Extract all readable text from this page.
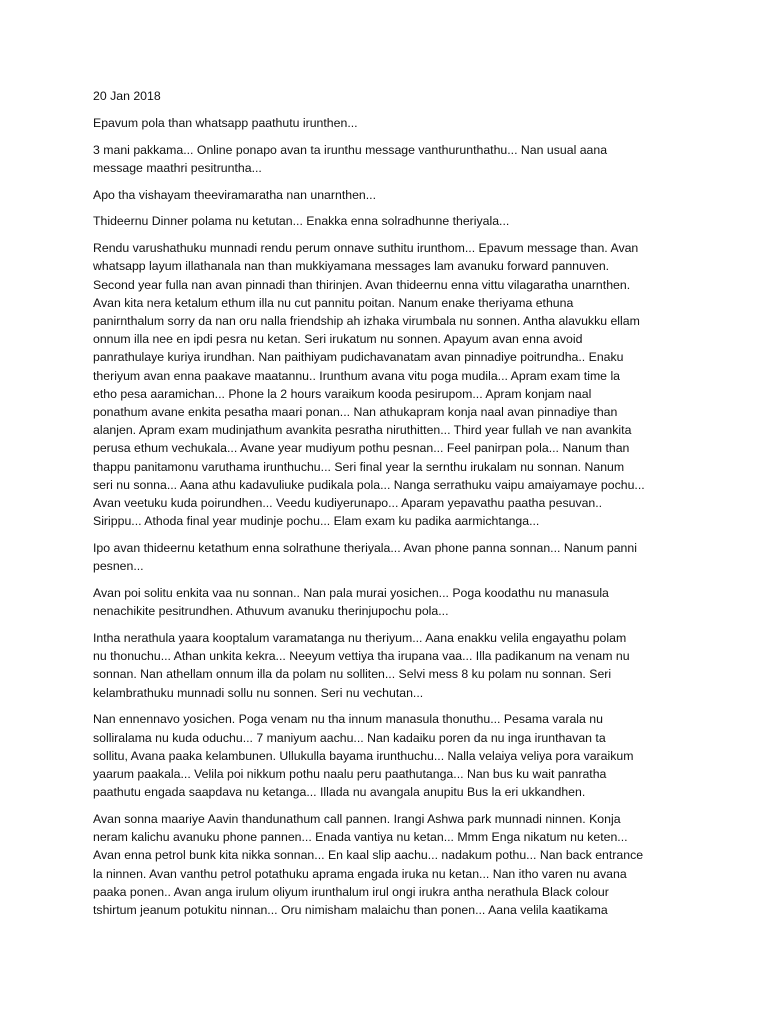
20 Jan 2018

Epavum pola than whatsapp paathutu irunthen...

3 mani pakkama... Online ponapo avan ta irunthu message vanthurunthathu... Nan usual aana
message maathri pesitruntha...

Apo tha vishayam theeviramaratha nan unarnthen...

Thideernu Dinner polama nu ketutan... Enakka enna solradhunne theriyala...

Rendu varushathuku munnadi rendu perum onnave suthitu irunthom... Epavum message than. Avan
whatsapp layum illathanala nan than mukkiyamana messages lam avanuku forward pannuven.
Second year fulla nan avan pinnadi than thirinjen. Avan thideernu enna vittu vilagaratha unarnthen.
Avan kita nera ketalum ethum illa nu cut pannitu poitan. Nanum enake theriyama ethuna
panirnthalum sorry da nan oru nalla friendship ah izhaka virumbala nu sonnen. Antha alavukku ellam
onnum illa nee en ipdi pesra nu ketan. Seri irukatum nu sonnen. Apayum avan enna avoid
panrathulaye kuriya irundhan. Nan paithiyam pudichavanatam avan pinnadiye poitrundha.. Enaku
theriyum avan enna paakave maatannu.. Irunthum avana vitu poga mudila... Apram exam time la
etho pesa aaramichan... Phone la 2 hours varaikum kooda pesirupom... Apram konjam naal
ponathum avane enkita pesatha maari ponan... Nan athukapram konja naal avan pinnadiye than
alanjen. Apram exam mudinjathum avankita pesratha niruthitten... Third year fullah ve nan avankita
perusa ethum vechukala... Avane year mudiyum pothu pesnan... Feel panirpan pola... Nanum than
thappu panitamonu varuthama irunthuchu... Seri final year la sernthu irukalam nu sonnan. Nanum
seri nu sonna... Aana athu kadavuliuke pudikala pola... Nanga serrathuku vaipu amaiyamaye pochu...
Avan veetuku kuda poirundhen... Veedu kudiyerunapo... Aparam yepavathu paatha pesuvan..
Sirippu... Athoda final year mudinje pochu... Elam exam ku padika aarmichtanga...

Ipo avan thideernu ketathum enna solrathune theriyala... Avan phone panna sonnan... Nanum panni
pesnen...

Avan poi solitu enkita vaa nu sonnan.. Nan pala murai yosichen... Poga koodathu nu manasula
nenachikite pesitrundhen. Athuvum avanuku therinjupochu pola...

Intha nerathula yaara kooptalum varamatanga nu theriyum... Aana enakku velila engayathu polam
nu thonuchu... Athan unkita kekra... Neeyum vettiya tha irupana vaa... Illa padikanum na venam nu
sonnan. Nan athellam onnum illa da polam nu solliten... Selvi mess 8 ku polam nu sonnan. Seri
kelambrathuku munnadi sollu nu sonnen. Seri nu vechutan...

Nan ennennavo yosichen. Poga venam nu tha innum manasula thonuthu... Pesama varala nu
solliralama nu kuda oduchu... 7 maniyum aachu... Nan kadaiku poren da nu inga irunthavan ta
sollitu, Avana paaka kelambunen. Ullukulla bayama irunthuchu... Nalla velaiya veliya pora varaikum
yaarum paakala... Velila poi nikkum pothu naalu peru paathutanga... Nan bus ku wait panratha
paathutu engada saapdava nu ketanga... Illada nu avangala anupitu Bus la eri ukkandhen.

Avan sonna maariye Aavin thandunathum call pannen. Irangi Ashwa park munnadi ninnen. Konja
neram kalichu avanuku phone pannen... Enada vantiya nu ketan... Mmm Enga nikatum nu keten...
Avan enna petrol bunk kita nikka sonnan... En kaal slip aachu... nadakum pothu... Nan back entrance
la ninnen. Avan vanthu petrol potathuku aprama engada iruka nu ketan... Nan itho varen nu avana
paaka ponen.. Avan anga irulum oliyum irunthalum irul ongi irukra antha nerathula Black colour
tshirtum jeanum potukitu ninnan... Oru nimisham malaichu than ponen... Aana velila kaatikama
